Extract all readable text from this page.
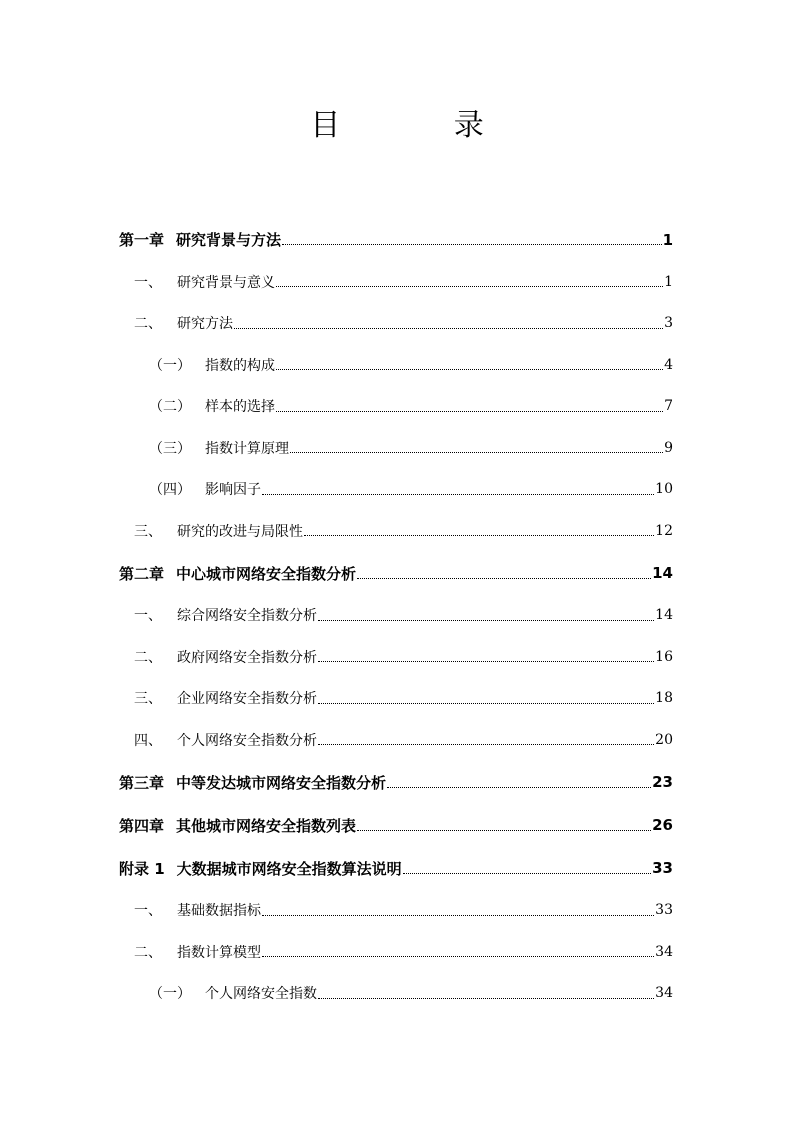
目 录
第一章 研究背景与方法	1
一、	研究背景与意义	1
二、	研究方法	3
（一）	指数的构成	4
（二）	样本的选择	7
（三）	指数计算原理	9
（四）	影响因子	10
三、	研究的改进与局限性	12
第二章 中心城市网络安全指数分析	14
一、	综合网络安全指数分析	14
二、	政府网络安全指数分析	16
三、	企业网络安全指数分析	18
四、	个人网络安全指数分析	20
第三章 中等发达城市网络安全指数分析	23
第四章 其他城市网络安全指数列表	26
附录 1 大数据城市网络安全指数算法说明	33
一、	基础数据指标	33
二、	指数计算模型	34
（一）	个人网络安全指数	34
